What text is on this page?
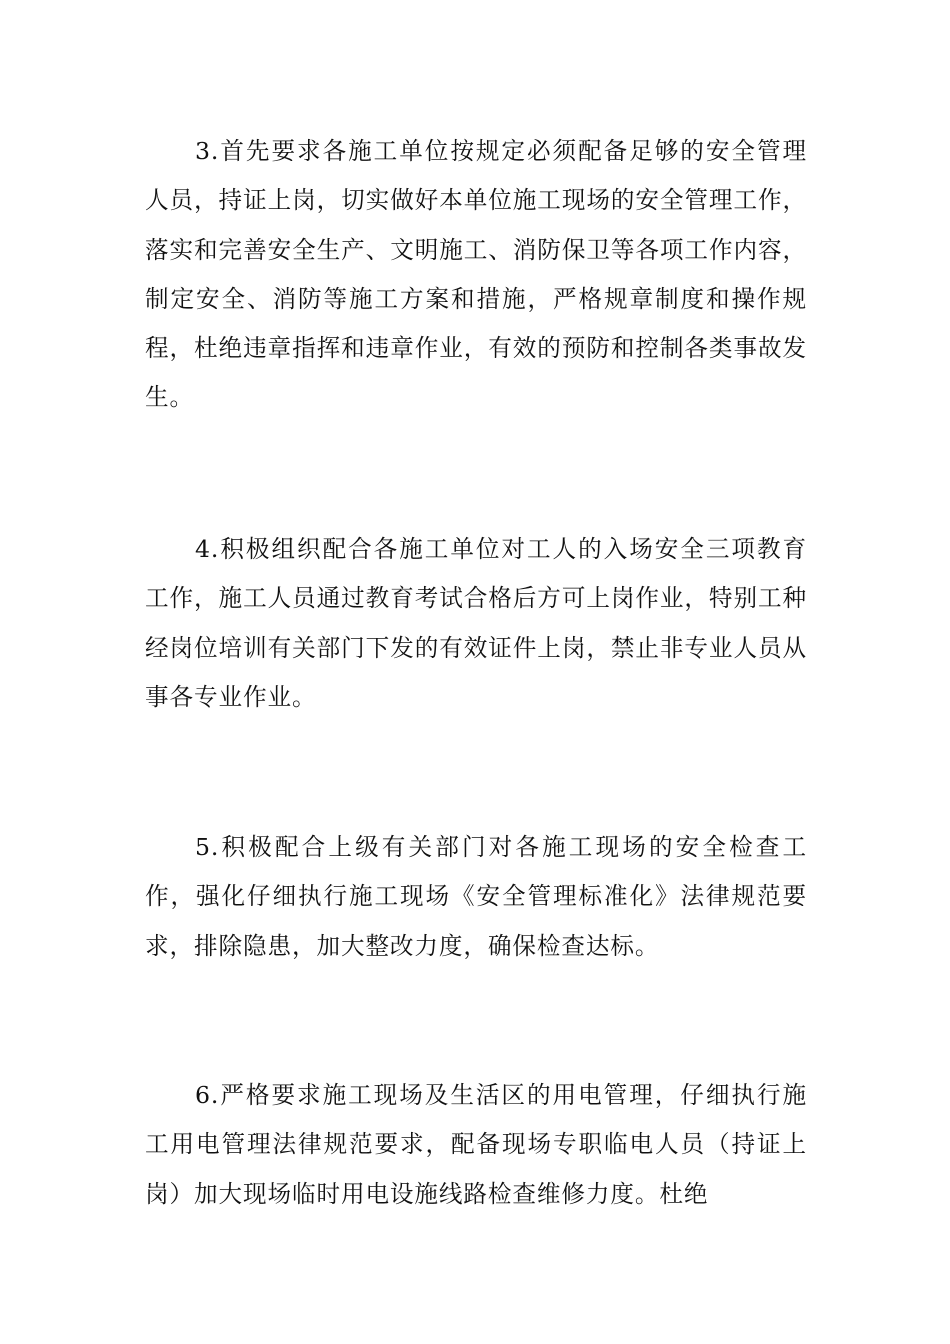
3.首先要求各施工单位按规定必须配备足够的安全管理人员，持证上岗，切实做好本单位施工现场的安全管理工作，落实和完善安全生产、文明施工、消防保卫等各项工作内容，制定安全、消防等施工方案和措施，严格规章制度和操作规程，杜绝违章指挥和违章作业，有效的预防和控制各类事故发生。

4.积极组织配合各施工单位对工人的入场安全三项教育工作，施工人员通过教育考试合格后方可上岗作业，特别工种经岗位培训有关部门下发的有效证件上岗，禁止非专业人员从事各专业作业。

5.积极配合上级有关部门对各施工现场的安全检查工作，强化仔细执行施工现场《安全管理标准化》法律规范要求，排除隐患，加大整改力度，确保检查达标。

6.严格要求施工现场及生活区的用电管理，仔细执行施工用电管理法律规范要求，配备现场专职临电人员（持证上岗）加大现场临时用电设施线路检查维修力度。杜绝
